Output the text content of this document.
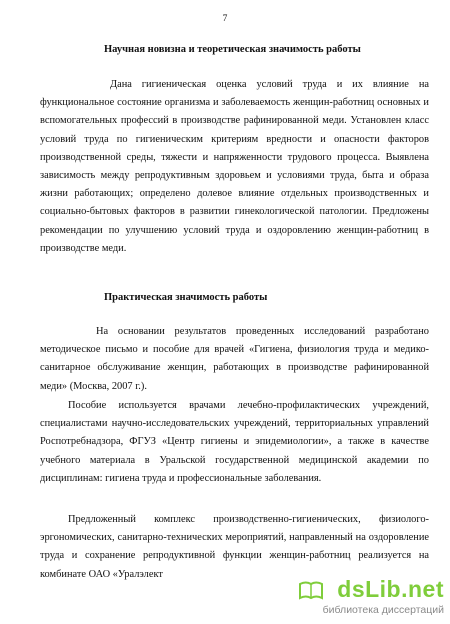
7
Научная новизна и теоретическая значимость работы

Дана гигиеническая оценка условий труда и их влияние на функциональное состояние организма и заболеваемость женщин-работниц основных и вспомогательных профессий в производстве рафинированной меди. Установлен класс условий труда по гигиеническим критериям вредности и опасности факторов производственной среды, тяжести и напряженности трудового процесса. Выявлена зависимость между репродуктивным здоровьем и условиями труда, быта и образа жизни работающих; определено долевое влияние отдельных производственных и социально-бытовых факторов в развитии гинекологической патологии. Предложены рекомендации по улучшению условий труда и оздоровлению женщин-работниц в производстве меди.

Практическая значимость работы

На основании результатов проведенных исследований разработано методическое письмо и пособие для врачей «Гигиена, физиология труда и медико-санитарное обслуживание женщин, работающих в производстве рафинированной меди» (Москва, 2007 г.).

Пособие используется врачами лечебно-профилактических учреждений, специалистами научно-исследовательских учреждений, территориальных управлений Роспотребнадзора, ФГУЗ «Центр гигиены и эпидемиологии», а также в качестве учебного материала в Уральской государственной медицинской академии по дисциплинам: гигиена труда и профессиональные заболевания.

Предложенный комплекс производственно-гигиенических, физиолого-эргономических, санитарно-технических мероприятий, направленный на оздоровление труда и сохранение репродуктивной функции женщин-работниц реализуется на комбинате ОАО «Уралэлект

dsLib.net
библиотека диссертаций
